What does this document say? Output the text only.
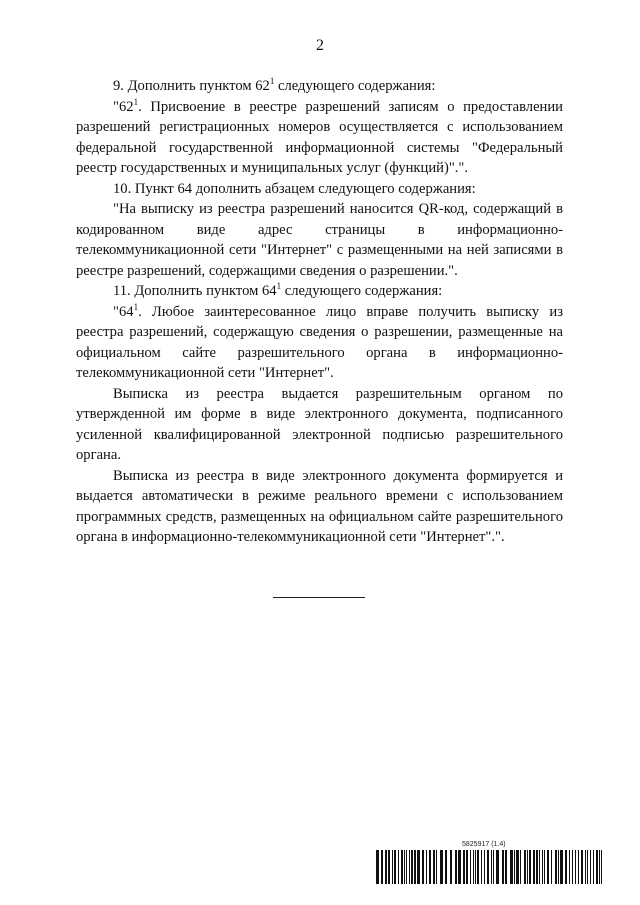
2

9. Дополнить пунктом $62^1$ следующего содержания:

"$62^1$. Присвоение в реестре разрешений записям о предоставлении разрешений регистрационных номеров осуществляется с использованием федеральной государственной информационной системы "Федеральный реестр государственных и муниципальных услуг (функций)".".

10. Пункт 64 дополнить абзацем следующего содержания:

"На выписку из реестра разрешений наносится QR-код, содержащий в кодированном виде адрес страницы в информационно-телекоммуникационной сети "Интернет" с размещенными на ней записями в реестре разрешений, содержащими сведения о разрешении.".

11. Дополнить пунктом $64^1$ следующего содержания:

"$64^1$. Любое заинтересованное лицо вправе получить выписку из реестра разрешений, содержащую сведения о разрешении, размещенные на официальном сайте разрешительного органа в информационно-телекоммуникационной сети "Интернет".

Выписка из реестра выдается разрешительным органом по утвержденной им форме в виде электронного документа, подписанного усиленной квалифицированной электронной подписью разрешительного органа.

Выписка из реестра в виде электронного документа формируется и выдается автоматически в режиме реального времени с использованием программных средств, размещенных на официальном сайте разрешительного органа в информационно-телекоммуникационной сети "Интернет".".

5825917 (1.4)
